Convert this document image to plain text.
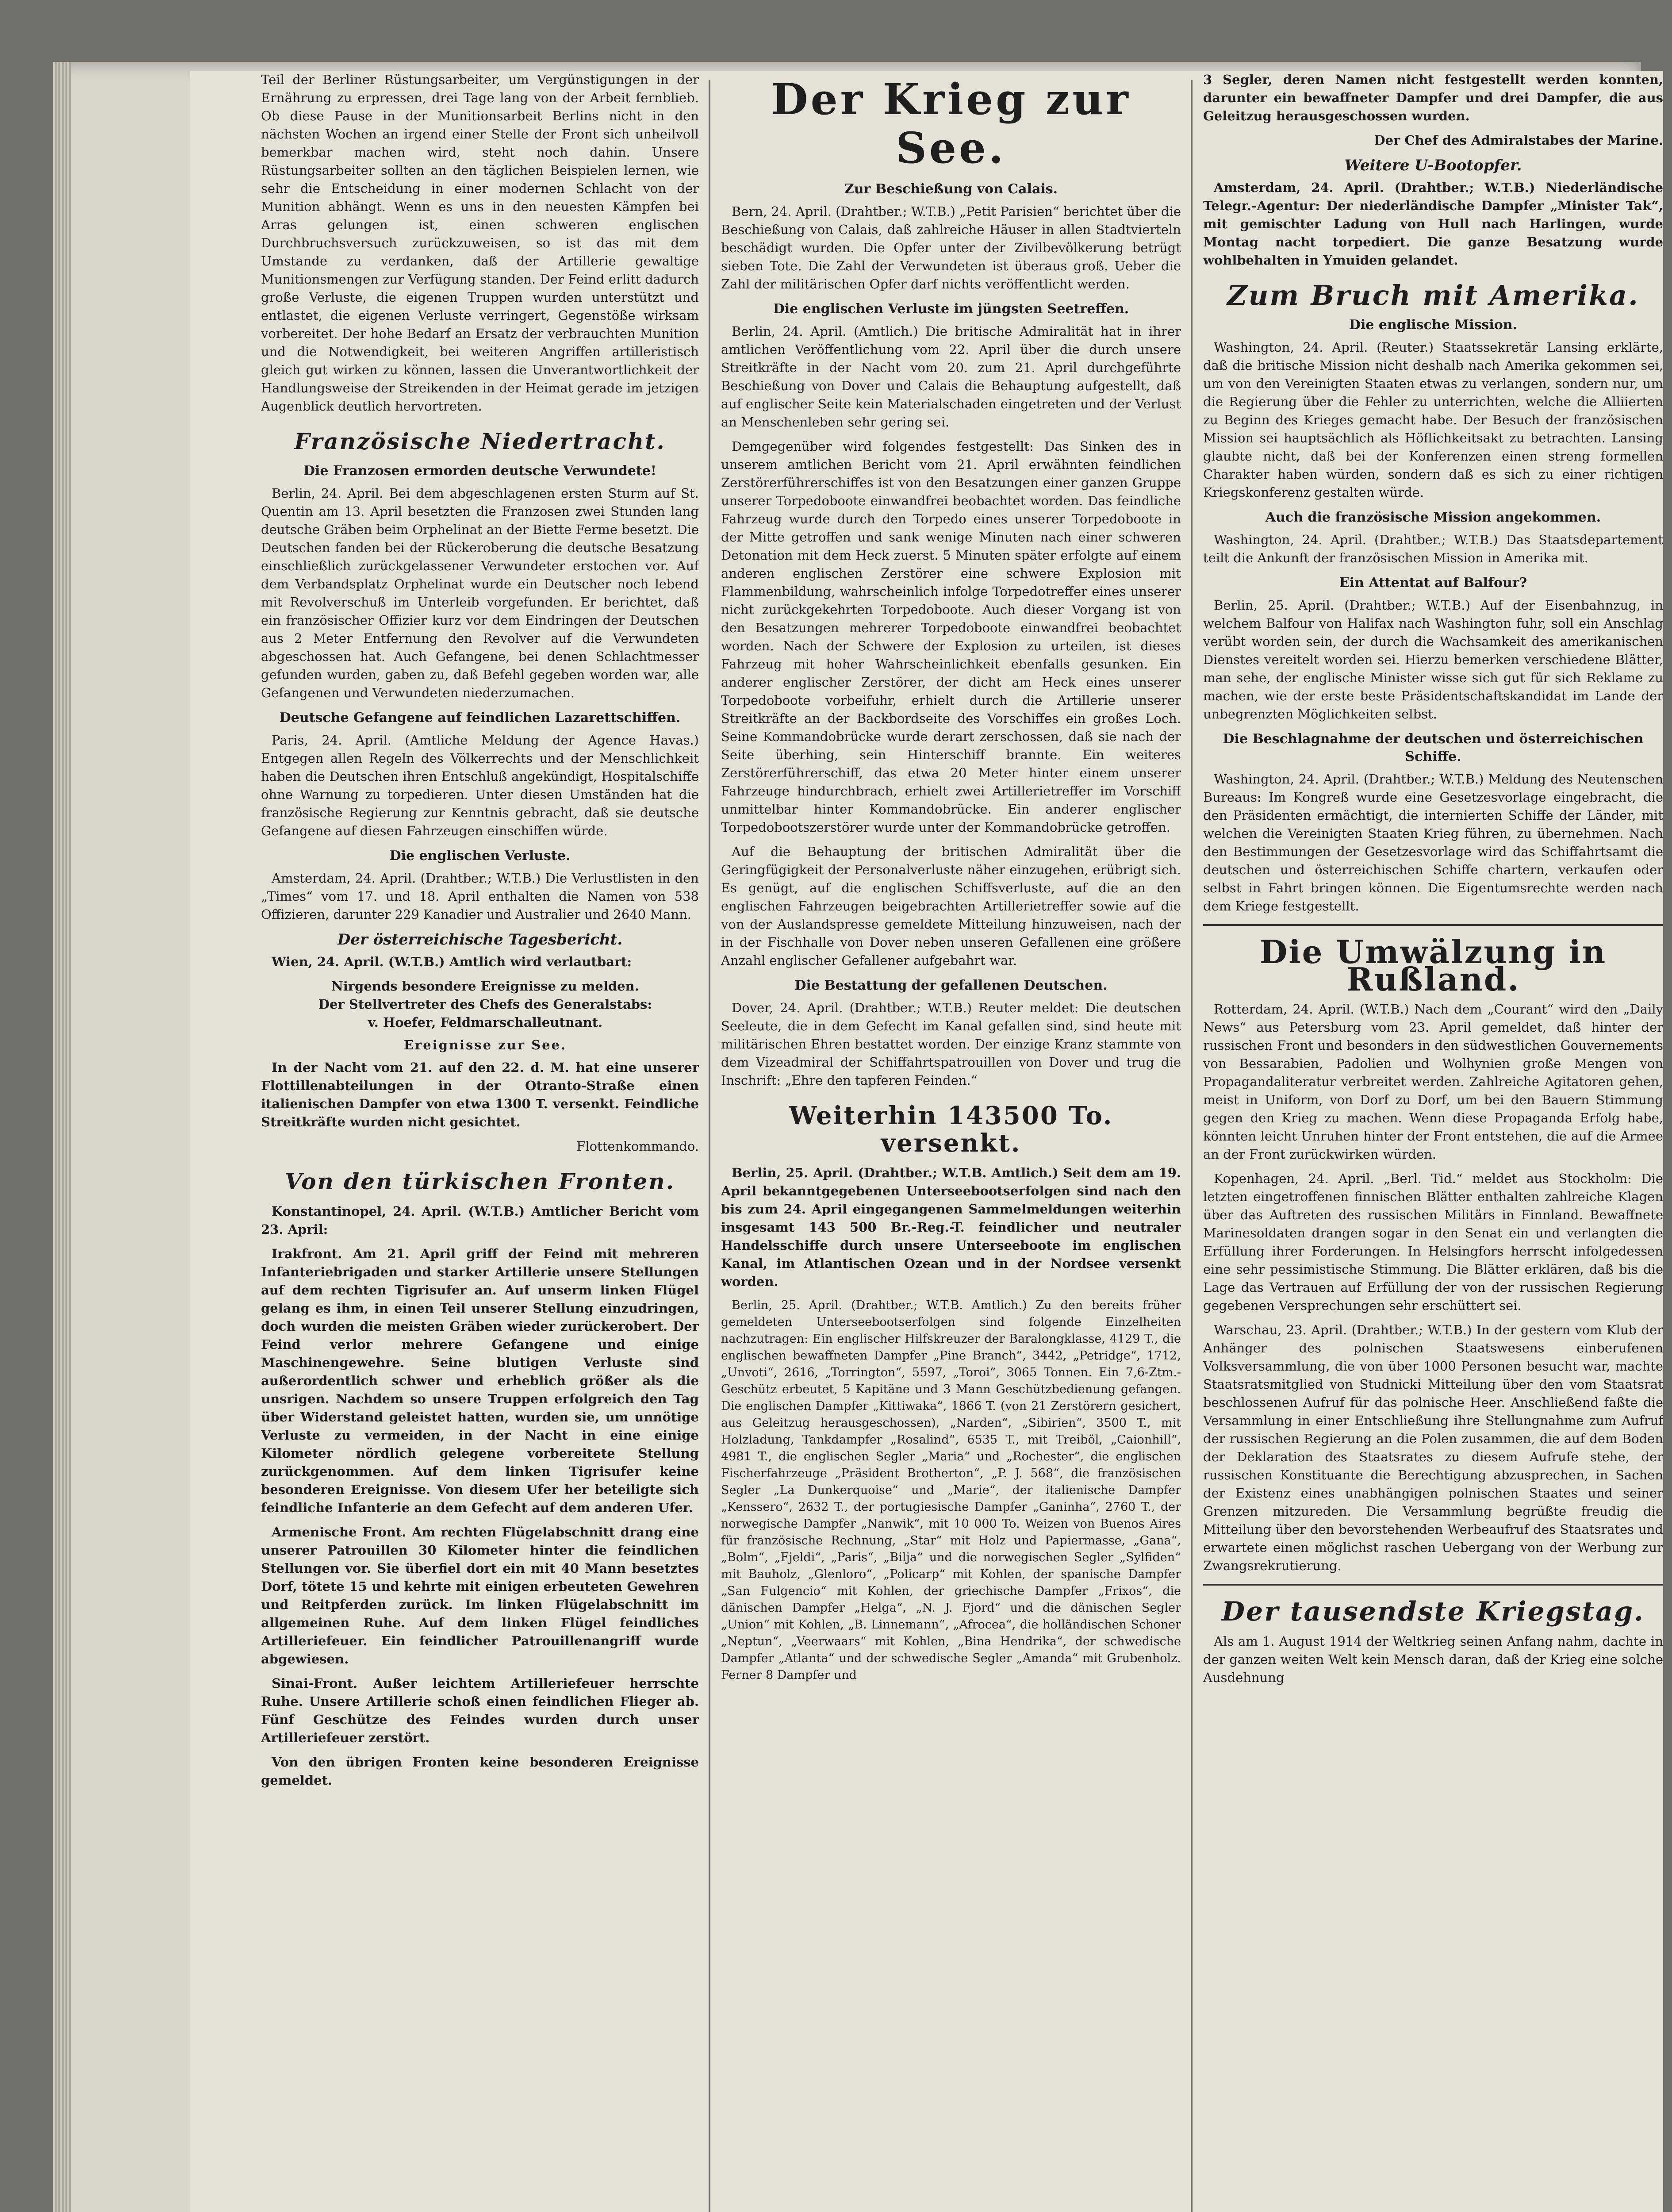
Teil der Berliner Rüstungsarbeiter, um Vergünstigungen in der Ernährung zu erpressen, drei Tage lang von der Arbeit fernblieb. Ob diese Pause in der Munitionsarbeit Berlins nicht in den nächsten Wochen an irgend einer Stelle der Front sich unheilvoll bemerkbar machen wird, steht noch dahin. Unsere Rüstungsarbeiter sollten an den täglichen Beispielen lernen, wie sehr die Entscheidung in einer modernen Schlacht von der Munition abhängt. Wenn es uns in den neuesten Kämpfen bei Arras gelungen ist, einen schweren englischen Durchbruchsversuch zurückzuweisen, so ist das mit dem Umstande zu verdanken, daß der Artillerie gewaltige Munitionsmengen zur Verfügung standen. Der Feind erlitt dadurch große Verluste, die eigenen Truppen wurden unterstützt und entlastet, die eigenen Verluste verringert, Gegenstöße wirksam vorbereitet. Der hohe Bedarf an Ersatz der verbrauchten Munition und die Notwendigkeit, bei weiteren Angriffen artilleristisch gleich gut wirken zu können, lassen die Unverantwortlichkeit der Handlungsweise der Streikenden in der Heimat gerade im jetzigen Augenblick deutlich hervortreten.

Französische Niedertracht.
Die Franzosen ermorden deutsche Verwundete!

Berlin, 24. April. Bei dem abgeschlagenen ersten Sturm auf St. Quentin am 13. April besetzten die Franzosen zwei Stunden lang deutsche Gräben beim Orphelinat an der Biette Ferme besetzt. Die Deutschen fanden bei der Rückeroberung die deutsche Besatzung einschließlich zurückgelassener Verwundeter erstochen vor. Auf dem Verbandsplatz Orphelinat wurde ein Deutscher noch lebend mit Revolverschuß im Unterleib vorgefunden. Er berichtet, daß ein französischer Offizier kurz vor dem Eindringen der Deutschen aus 2 Meter Entfernung den Revolver auf die Verwundeten abgeschossen hat. Auch Gefangene, bei denen Schlachtmesser gefunden wurden, gaben zu, daß Befehl gegeben worden war, alle Gefangenen und Verwundeten niederzumachen.

Deutsche Gefangene auf feindlichen Lazarettschiffen.

Paris, 24. April. (Amtliche Meldung der Agence Havas.) Entgegen allen Regeln des Völkerrechts und der Menschlichkeit haben die Deutschen ihren Entschluß angekündigt, Hospitalschiffe ohne Warnung zu torpedieren. Unter diesen Umständen hat die französische Regierung zur Kenntnis gebracht, daß sie deutsche Gefangene auf diesen Fahrzeugen einschiffen würde.

Die englischen Verluste.

Amsterdam, 24. April. (Drahtber.; W.T.B.) Die Verlustlisten in den „Times“ vom 17. und 18. April enthalten die Namen von 538 Offizieren, darunter 229 Kanadier und Australier und 2640 Mann.

Der österreichische Tagesbericht.

Wien, 24. April. (W.T.B.) Amtlich wird verlautbart:

Nirgends besondere Ereignisse zu melden.

Der Stellvertreter des Chefs des Generalstabs:

v. Hoefer, Feldmarschalleutnant.

Ereignisse zur See.

In der Nacht vom 21. auf den 22. d. M. hat eine unserer Flottillenabteilungen in der Otranto-Straße einen italienischen Dampfer von etwa 1300 T. versenkt. Feindliche Streitkräfte wurden nicht gesichtet.

Flottenkommando.

Von den türkischen Fronten.

Konstantinopel, 24. April. (W.T.B.) Amtlicher Bericht vom 23. April:

Irakfront. Am 21. April griff der Feind mit mehreren Infanteriebrigaden und starker Artillerie unsere Stellungen auf dem rechten Tigrisufer an. Auf unserm linken Flügel gelang es ihm, in einen Teil unserer Stellung einzudringen, doch wurden die meisten Gräben wieder zurückerobert. Der Feind verlor mehrere Gefangene und einige Maschinengewehre. Seine blutigen Verluste sind außerordentlich schwer und erheblich größer als die unsrigen. Nachdem so unsere Truppen erfolgreich den Tag über Widerstand geleistet hatten, wurden sie, um unnötige Verluste zu vermeiden, in der Nacht in eine einige Kilometer nördlich gelegene vorbereitete Stellung zurückgenommen. Auf dem linken Tigrisufer keine besonderen Ereignisse. Von diesem Ufer her beteiligte sich feindliche Infanterie an dem Gefecht auf dem anderen Ufer.

Armenische Front. Am rechten Flügelabschnitt drang eine unserer Patrouillen 30 Kilometer hinter die feindlichen Stellungen vor. Sie überfiel dort ein mit 40 Mann besetztes Dorf, tötete 15 und kehrte mit einigen erbeuteten Gewehren und Reitpferden zurück. Im linken Flügelabschnitt im allgemeinen Ruhe. Auf dem linken Flügel feindliches Artilleriefeuer. Ein feindlicher Patrouillenangriff wurde abgewiesen.

Sinai-Front. Außer leichtem Artilleriefeuer herrschte Ruhe. Unsere Artillerie schoß einen feindlichen Flieger ab. Fünf Geschütze des Feindes wurden durch unser Artilleriefeuer zerstört.

Von den übrigen Fronten keine besonderen Ereignisse gemeldet.

Der Krieg zur See.
Zur Beschießung von Calais.

Bern, 24. April. (Drahtber.; W.T.B.) „Petit Parisien“ berichtet über die Beschießung von Calais, daß zahlreiche Häuser in allen Stadtvierteln beschädigt wurden. Die Opfer unter der Zivilbevölkerung betrügt sieben Tote. Die Zahl der Verwundeten ist überaus groß. Ueber die Zahl der militärischen Opfer darf nichts veröffentlicht werden.

Die englischen Verluste im jüngsten Seetreffen.

Berlin, 24. April. (Amtlich.) Die britische Admiralität hat in ihrer amtlichen Veröffentlichung vom 22. April über die durch unsere Streitkräfte in der Nacht vom 20. zum 21. April durchgeführte Beschießung von Dover und Calais die Behauptung aufgestellt, daß auf englischer Seite kein Materialschaden eingetreten und der Verlust an Menschenleben sehr gering sei.

Demgegenüber wird folgendes festgestellt: Das Sinken des in unserem amtlichen Bericht vom 21. April erwähnten feindlichen Zerstörerführerschiffes ist von den Besatzungen einer ganzen Gruppe unserer Torpedoboote einwandfrei beobachtet worden. Das feindliche Fahrzeug wurde durch den Torpedo eines unserer Torpedoboote in der Mitte getroffen und sank wenige Minuten nach einer schweren Detonation mit dem Heck zuerst. 5 Minuten später erfolgte auf einem anderen englischen Zerstörer eine schwere Explosion mit Flammenbildung, wahrscheinlich infolge Torpedotreffer eines unserer nicht zurückgekehrten Torpedoboote. Auch dieser Vorgang ist von den Besatzungen mehrerer Torpedoboote einwandfrei beobachtet worden. Nach der Schwere der Explosion zu urteilen, ist dieses Fahrzeug mit hoher Wahrscheinlichkeit ebenfalls gesunken. Ein anderer englischer Zerstörer, der dicht am Heck eines unserer Torpedoboote vorbeifuhr, erhielt durch die Artillerie unserer Streitkräfte an der Backbordseite des Vorschiffes ein großes Loch. Seine Kommandobrücke wurde derart zerschossen, daß sie nach der Seite überhing, sein Hinterschiff brannte. Ein weiteres Zerstörerführerschiff, das etwa 20 Meter hinter einem unserer Fahrzeuge hindurchbrach, erhielt zwei Artillerietreffer im Vorschiff unmittelbar hinter Kommandobrücke. Ein anderer englischer Torpedobootszerstörer wurde unter der Kommandobrücke getroffen.

Auf die Behauptung der britischen Admiralität über die Geringfügigkeit der Personalverluste näher einzugehen, erübrigt sich. Es genügt, auf die englischen Schiffsverluste, auf die an den englischen Fahrzeugen beigebrachten Artillerietreffer sowie auf die von der Auslandspresse gemeldete Mitteilung hinzuweisen, nach der in der Fischhalle von Dover neben unseren Gefallenen eine größere Anzahl englischer Gefallener aufgebahrt war.

Die Bestattung der gefallenen Deutschen.

Dover, 24. April. (Drahtber.; W.T.B.) Reuter meldet: Die deutschen Seeleute, die in dem Gefecht im Kanal gefallen sind, sind heute mit militärischen Ehren bestattet worden. Der einzige Kranz stammte von dem Vizeadmiral der Schiffahrtspatrouillen von Dover und trug die Inschrift: „Ehre den tapferen Feinden.“

Weiterhin 143500 To. versenkt.

Berlin, 25. April. (Drahtber.; W.T.B. Amtlich.) Seit dem am 19. April bekanntgegebenen Unterseebootserfolgen sind nach den bis zum 24. April eingegangenen Sammelmeldungen weiterhin insgesamt 143 500 Br.-Reg.-T. feindlicher und neutraler Handelsschiffe durch unsere Unterseeboote im englischen Kanal, im Atlantischen Ozean und in der Nordsee versenkt worden.

Berlin, 25. April. (Drahtber.; W.T.B. Amtlich.) Zu den bereits früher gemeldeten Unterseebootserfolgen sind folgende Einzelheiten nachzutragen: Ein englischer Hilfskreuzer der Baralongklasse, 4129 T., die englischen bewaffneten Dampfer „Pine Branch“, 3442, „Petridge“, 1712, „Unvoti“, 2616, „Torrington“, 5597, „Toroi“, 3065 Tonnen. Ein 7,6-Ztm.-Geschütz erbeutet, 5 Kapitäne und 3 Mann Geschützbedienung gefangen. Die englischen Dampfer „Kittiwaka“, 1866 T. (von 21 Zerstörern gesichert, aus Geleitzug herausgeschossen), „Narden“, „Sibirien“, 3500 T., mit Holzladung, Tankdampfer „Rosalind“, 6535 T., mit Treiböl, „Caionhill“, 4981 T., die englischen Segler „Maria“ und „Rochester“, die englischen Fischerfahrzeuge „Präsident Brotherton“, „P. J. 568“, die französischen Segler „La Dunkerquoise“ und „Marie“, der italienische Dampfer „Kenssero“, 2632 T., der portugiesische Dampfer „Ganinha“, 2760 T., der norwegische Dampfer „Nanwik“, mit 10 000 To. Weizen von Buenos Aires für französische Rechnung, „Star“ mit Holz und Papiermasse, „Gana“, „Bolm“, „Fjeldi“, „Paris“, „Bilja“ und die norwegischen Segler „Sylfiden“ mit Bauholz, „Glenloro“, „Policarp“ mit Kohlen, der spanische Dampfer „San Fulgencio“ mit Kohlen, der griechische Dampfer „Frixos“, die dänischen Dampfer „Helga“, „N. J. Fjord“ und die dänischen Segler „Union“ mit Kohlen, „B. Linnemann“, „Afrocea“, die holländischen Schoner „Neptun“, „Veerwaars“ mit Kohlen, „Bina Hendrika“, der schwedische Dampfer „Atlanta“ und der schwedische Segler „Amanda“ mit Grubenholz. Ferner 8 Dampfer und

3 Segler, deren Namen nicht festgestellt werden konnten, darunter ein bewaffneter Dampfer und drei Dampfer, die aus Geleitzug herausgeschossen wurden.

Der Chef des Admiralstabes der Marine.

Weitere U-Bootopfer.

Amsterdam, 24. April. (Drahtber.; W.T.B.) Niederländische Telegr.-Agentur: Der niederländische Dampfer „Minister Tak“, mit gemischter Ladung von Hull nach Harlingen, wurde Montag nacht torpediert. Die ganze Besatzung wurde wohlbehalten in Ymuiden gelandet.

Zum Bruch mit Amerika.
Die englische Mission.

Washington, 24. April. (Reuter.) Staatssekretär Lansing erklärte, daß die britische Mission nicht deshalb nach Amerika gekommen sei, um von den Vereinigten Staaten etwas zu verlangen, sondern nur, um die Regierung über die Fehler zu unterrichten, welche die Alliierten zu Beginn des Krieges gemacht habe. Der Besuch der französischen Mission sei hauptsächlich als Höflichkeitsakt zu betrachten. Lansing glaubte nicht, daß bei der Konferenzen einen streng formellen Charakter haben würden, sondern daß es sich zu einer richtigen Kriegskonferenz gestalten würde.

Auch die französische Mission angekommen.

Washington, 24. April. (Drahtber.; W.T.B.) Das Staatsdepartement teilt die Ankunft der französischen Mission in Amerika mit.

Ein Attentat auf Balfour?

Berlin, 25. April. (Drahtber.; W.T.B.) Auf der Eisenbahnzug, in welchem Balfour von Halifax nach Washington fuhr, soll ein Anschlag verübt worden sein, der durch die Wachsamkeit des amerikanischen Dienstes vereitelt worden sei. Hierzu bemerken verschiedene Blätter, man sehe, der englische Minister wisse sich gut für sich Reklame zu machen, wie der erste beste Präsidentschaftskandidat im Lande der unbegrenzten Möglichkeiten selbst.

Die Beschlagnahme der deutschen und österreichischen Schiffe.

Washington, 24. April. (Drahtber.; W.T.B.) Meldung des Neutenschen Bureaus: Im Kongreß wurde eine Gesetzesvorlage eingebracht, die den Präsidenten ermächtigt, die internierten Schiffe der Länder, mit welchen die Vereinigten Staaten Krieg führen, zu übernehmen. Nach den Bestimmungen der Gesetzesvorlage wird das Schiffahrtsamt die deutschen und österreichischen Schiffe chartern, verkaufen oder selbst in Fahrt bringen können. Die Eigentumsrechte werden nach dem Kriege festgestellt.

Die Umwälzung in Rußland.

Rotterdam, 24. April. (W.T.B.) Nach dem „Courant“ wird den „Daily News“ aus Petersburg vom 23. April gemeldet, daß hinter der russischen Front und besonders in den südwestlichen Gouvernements von Bessarabien, Padolien und Wolhynien große Mengen von Propagandaliteratur verbreitet werden. Zahlreiche Agitatoren gehen, meist in Uniform, von Dorf zu Dorf, um bei den Bauern Stimmung gegen den Krieg zu machen. Wenn diese Propaganda Erfolg habe, könnten leicht Unruhen hinter der Front entstehen, die auf die Armee an der Front zurückwirken würden.

Kopenhagen, 24. April. „Berl. Tid.“ meldet aus Stockholm: Die letzten eingetroffenen finnischen Blätter enthalten zahlreiche Klagen über das Auftreten des russischen Militärs in Finnland. Bewaffnete Marinesoldaten drangen sogar in den Senat ein und verlangten die Erfüllung ihrer Forderungen. In Helsingfors herrscht infolgedessen eine sehr pessimistische Stimmung. Die Blätter erklären, daß bis die Lage das Vertrauen auf Erfüllung der von der russischen Regierung gegebenen Versprechungen sehr erschüttert sei.

Warschau, 23. April. (Drahtber.; W.T.B.) In der gestern vom Klub der Anhänger des polnischen Staatswesens einberufenen Volksversammlung, die von über 1000 Personen besucht war, machte Staatsratsmitglied von Studnicki Mitteilung über den vom Staatsrat beschlossenen Aufruf für das polnische Heer. Anschließend faßte die Versammlung in einer Entschließung ihre Stellungnahme zum Aufruf der russischen Regierung an die Polen zusammen, die auf dem Boden der Deklaration des Staatsrates zu diesem Aufrufe stehe, der russischen Konstituante die Berechtigung abzusprechen, in Sachen der Existenz eines unabhängigen polnischen Staates und seiner Grenzen mitzureden. Die Versammlung begrüßte freudig die Mitteilung über den bevorstehenden Werbeaufruf des Staatsrates und erwartete einen möglichst raschen Uebergang von der Werbung zur Zwangsrekrutierung.

Der tausendste Kriegstag.

Als am 1. August 1914 der Weltkrieg seinen Anfang nahm, dachte in der ganzen weiten Welt kein Mensch daran, daß der Krieg eine solche Ausdehnung
